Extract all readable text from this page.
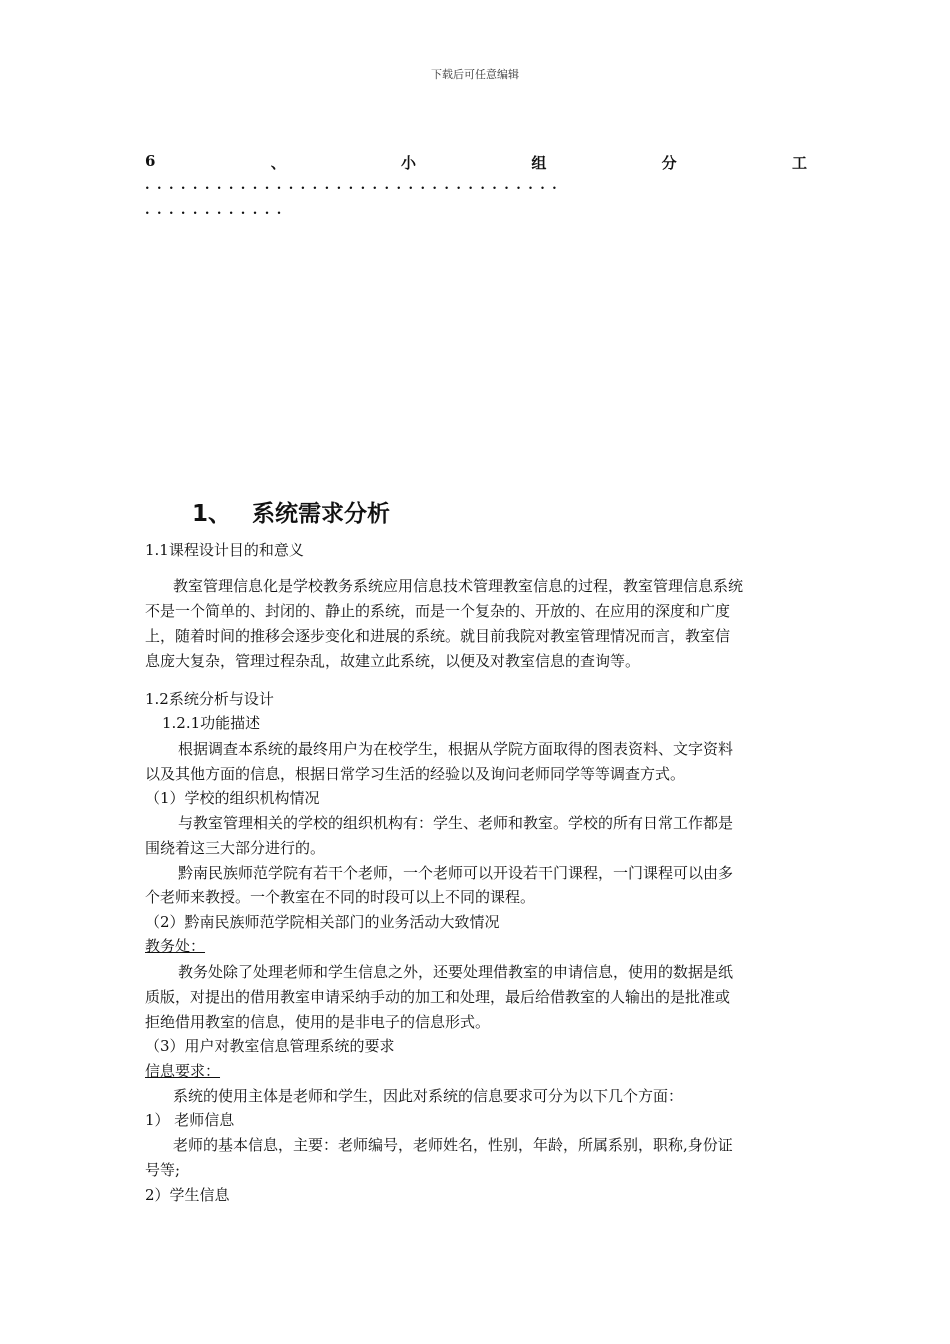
下载后可任意编辑
6	、	小	组	分	工
...................................
............
1、 系统需求分析
1.1课程设计目的和意义
教室管理信息化是学校教务系统应用信息技术管理教室信息的过程，教室管理信息系统
不是一个简单的、封闭的、静止的系统，而是一个复杂的、开放的、在应用的深度和广度
上，随着时间的推移会逐步变化和进展的系统。就目前我院对教室管理情况而言，教室信
息庞大复杂，管理过程杂乱，故建立此系统，以便及对教室信息的查询等。
1.2系统分析与设计
1.2.1功能描述
根据调查本系统的最终用户为在校学生，根据从学院方面取得的图表资料、文字资料
以及其他方面的信息，根据日常学习生活的经验以及询问老师同学等等调查方式。
（1）学校的组织机构情况
与教室管理相关的学校的组织机构有：学生、老师和教室。学校的所有日常工作都是
围绕着这三大部分进行的。
黔南民族师范学院有若干个老师，一个老师可以开设若干门课程，一门课程可以由多
个老师来教授。一个教室在不同的时段可以上不同的课程。
（2）黔南民族师范学院相关部门的业务活动大致情况
教务处：
教务处除了处理老师和学生信息之外，还要处理借教室的申请信息，使用的数据是纸
质版，对提出的借用教室申请采纳手动的加工和处理，最后给借教室的人输出的是批准或
拒绝借用教室的信息，使用的是非电子的信息形式。
（3）用户对教室信息管理系统的要求
信息要求：
系统的使用主体是老师和学生，因此对系统的信息要求可分为以下几个方面：
1） 老师信息
老师的基本信息，主要：老师编号，老师姓名，性别，年龄，所属系别，职称,身份证
号等;
2）学生信息
